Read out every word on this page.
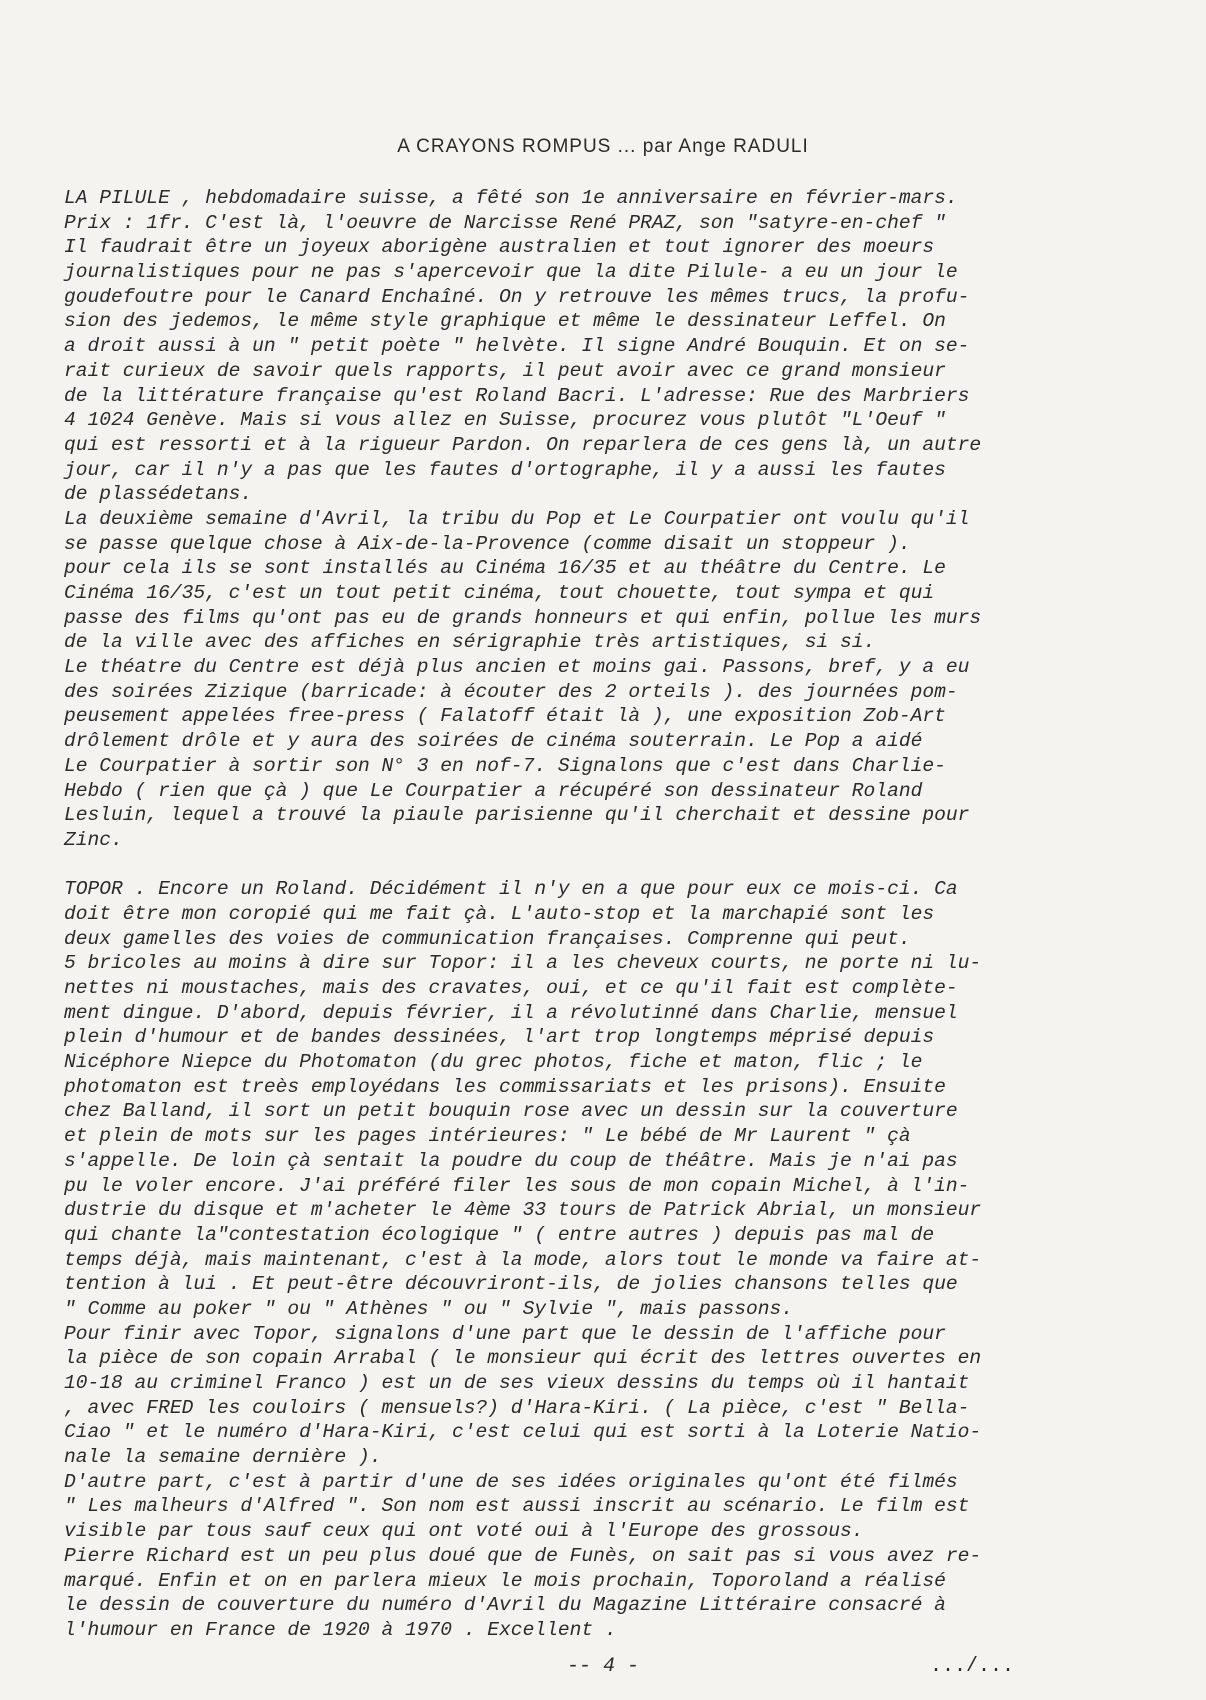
A CRAYONS ROMPUS ... par Ange RADULI
LA PILULE , hebdomadaire suisse, a fêté son 1e anniversaire en février-mars.
Prix : 1fr. C'est là, l'oeuvre de Narcisse René PRAZ, son "satyre-en-chef "
Il faudrait être un joyeux aborigène australien et tout ignorer des moeurs
journalistiques pour ne pas s'apercevoir que la dite Pilule- a eu un jour le
goudefoutre pour le Canard Enchaîné. On y retrouve les mêmes trucs, la profu-
sion des jedemos, le même style graphique et même le dessinateur Leffel. On
a droit aussi à un " petit poète " helvète. Il signe André Bouquin. Et on se-
rait curieux de savoir quels rapports, il peut avoir avec ce grand monsieur
de la littérature française qu'est Roland Bacri. L'adresse: Rue des Marbriers
4 1024 Genève. Mais si vous allez en Suisse, procurez vous plutôt "L'Oeuf "
qui est ressorti et à la rigueur Pardon. On reparlera de ces gens là, un autre
jour, car il n'y a pas que les fautes d'ortographe, il y a aussi les fautes
de plassédetans.
La deuxième semaine d'Avril, la tribu du Pop et Le Courpatier ont voulu qu'il
se passe quelque chose à Aix-de-la-Provence (comme disait un stoppeur ).
pour cela ils se sont installés au Cinéma 16/35 et au théâtre du Centre. Le
Cinéma 16/35, c'est un tout petit cinéma, tout chouette, tout sympa et qui
passe des films qu'ont pas eu de grands honneurs et qui enfin, pollue les murs
de la ville avec des affiches en sérigraphie très artistiques, si si.
Le théatre du Centre est déjà plus ancien et moins gai. Passons, bref, y a eu
des soirées Zizique (barricade: à écouter des 2 orteils ). des journées pom-
peusement appelées free-press ( Falatoff était là ), une exposition Zob-Art
drôlement drôle et y aura des soirées de cinéma souterrain. Le Pop a aidé
Le Courpatier à sortir son N° 3 en nof-7. Signalons que c'est dans Charlie-
Hebdo ( rien que çà ) que Le Courpatier a récupéré son dessinateur Roland
Lesluin, lequel a trouvé la piaule parisienne qu'il cherchait et dessine pour
Zinc.
TOPOR . Encore un Roland. Décidément il n'y en a que pour eux ce mois-ci. Ca
doit être mon coropié qui me fait çà. L'auto-stop et la marchapié sont les
deux gamelles des voies de communication françaises. Comprenne qui peut.
5 bricoles au moins à dire sur Topor: il a les cheveux courts, ne porte ni lu-
nettes ni moustaches, mais des cravates, oui, et ce qu'il fait est complète-
ment dingue. D'abord, depuis février, il a révolutinné dans Charlie, mensuel
plein d'humour et de bandes dessinées, l'art trop longtemps méprisé depuis
Nicéphore Niepce du Photomaton (du grec photos, fiche et maton, flic ; le
photomaton est treès employédans les commissariats et les prisons). Ensuite
chez Balland, il sort un petit bouquin rose avec un dessin sur la couverture
et plein de mots sur les pages intérieures: " Le bébé de Mr Laurent " çà
s'appelle. De loin çà sentait la poudre du coup de théâtre. Mais je n'ai pas
pu le voler encore. J'ai préféré filer les sous de mon copain Michel, à l'in-
dustrie du disque et m'acheter le 4ème 33 tours de Patrick Abrial, un monsieur
qui chante la"contestation écologique " ( entre autres ) depuis pas mal de
temps déjà, mais maintenant, c'est à la mode, alors tout le monde va faire at-
tention à lui . Et peut-être découvriront-ils, de jolies chansons telles que
" Comme au poker " ou " Athènes " ou " Sylvie ", mais passons.
Pour finir avec Topor, signalons d'une part que le dessin de l'affiche pour
la pièce de son copain Arrabal ( le monsieur qui écrit des lettres ouvertes en
10-18 au criminel Franco ) est un de ses vieux dessins du temps où il hantait
, avec FRED les couloirs ( mensuels?) d'Hara-Kiri. ( La pièce, c'est " Bella-
Ciao " et le numéro d'Hara-Kiri, c'est celui qui est sorti à la Loterie Natio-
nale la semaine dernière ).
D'autre part, c'est à partir d'une de ses idées originales qu'ont été filmés
" Les malheurs d'Alfred ". Son nom est aussi inscrit au scénario. Le film est
visible par tous sauf ceux qui ont voté oui à l'Europe des grossous.
Pierre Richard est un peu plus doué que de Funès, on sait pas si vous avez re-
marqué. Enfin et on en parlera mieux le mois prochain, Toporoland a réalisé
le dessin de couverture du numéro d'Avril du Magazine Littéraire consacré à
l'humour en France de 1920 à 1970 . Excellent .
-- 4 -	.../...
